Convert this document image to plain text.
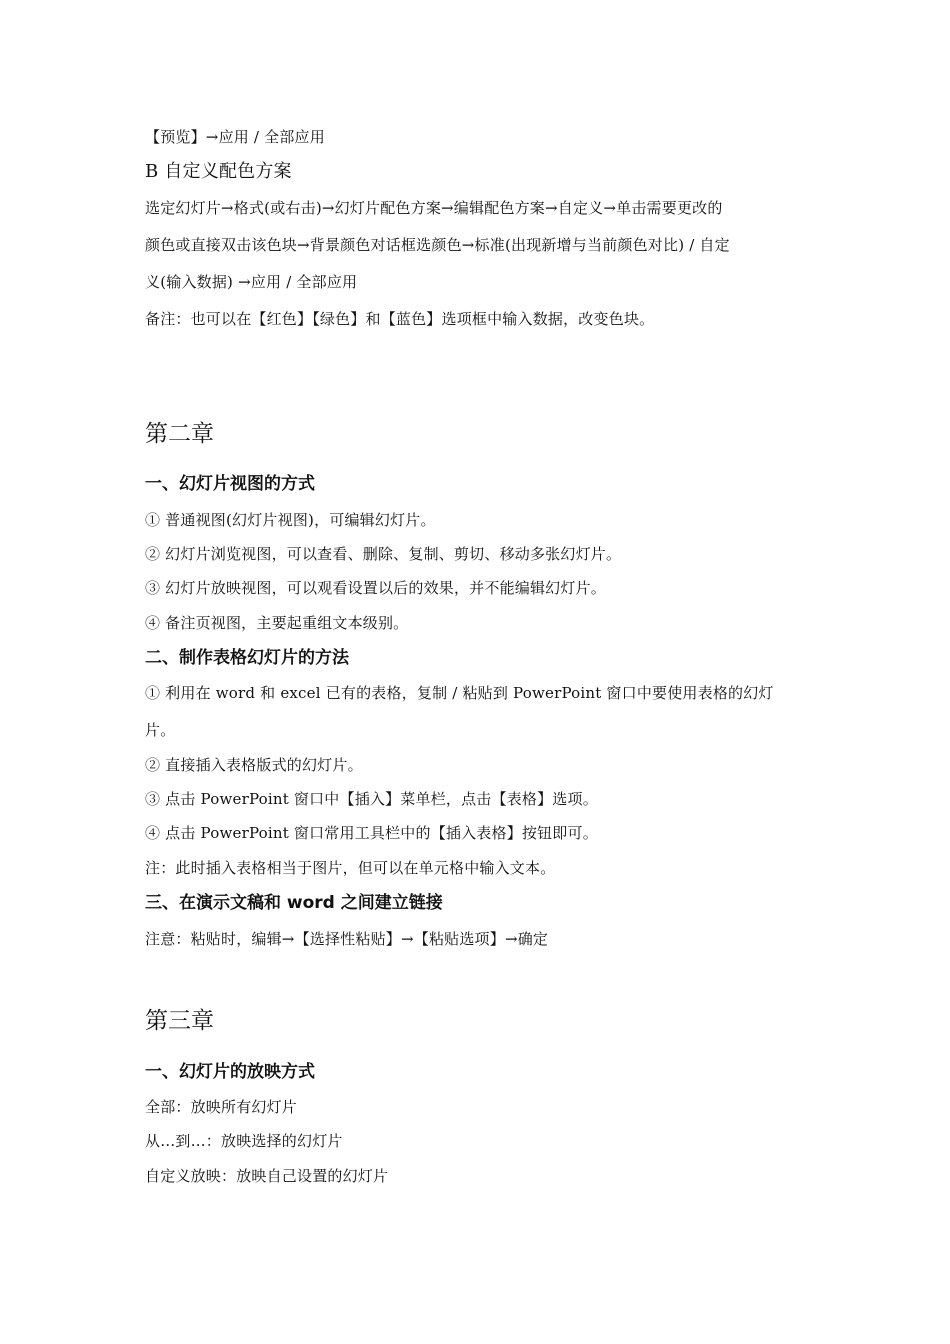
【预览】→应用 / 全部应用
B 自定义配色方案
选定幻灯片→格式(或右击)→幻灯片配色方案→编辑配色方案→自定义→单击需要更改的
颜色或直接双击该色块→背景颜色对话框选颜色→标准(出现新增与当前颜色对比) / 自定
义(输入数据) →应用 / 全部应用
备注：也可以在【红色】【绿色】和【蓝色】选项框中输入数据，改变色块。
第二章
一、幻灯片视图的方式
① 普通视图(幻灯片视图)，可编辑幻灯片。
② 幻灯片浏览视图，可以查看、删除、复制、剪切、移动多张幻灯片。
③ 幻灯片放映视图，可以观看设置以后的效果，并不能编辑幻灯片。
④ 备注页视图，主要起重组文本级别。
二、制作表格幻灯片的方法
① 利用在 word 和 excel 已有的表格，复制 / 粘贴到 PowerPoint 窗口中要使用表格的幻灯
片。
② 直接插入表格版式的幻灯片。
③ 点击 PowerPoint 窗口中【插入】菜单栏，点击【表格】选项。
④ 点击 PowerPoint 窗口常用工具栏中的【插入表格】按钮即可。
注：此时插入表格相当于图片，但可以在单元格中输入文本。
三、在演示文稿和 word 之间建立链接
注意：粘贴时，编辑→【选择性粘贴】→【粘贴选项】→确定
第三章
一、幻灯片的放映方式
全部：放映所有幻灯片
从…到…：放映选择的幻灯片
自定义放映：放映自己设置的幻灯片
